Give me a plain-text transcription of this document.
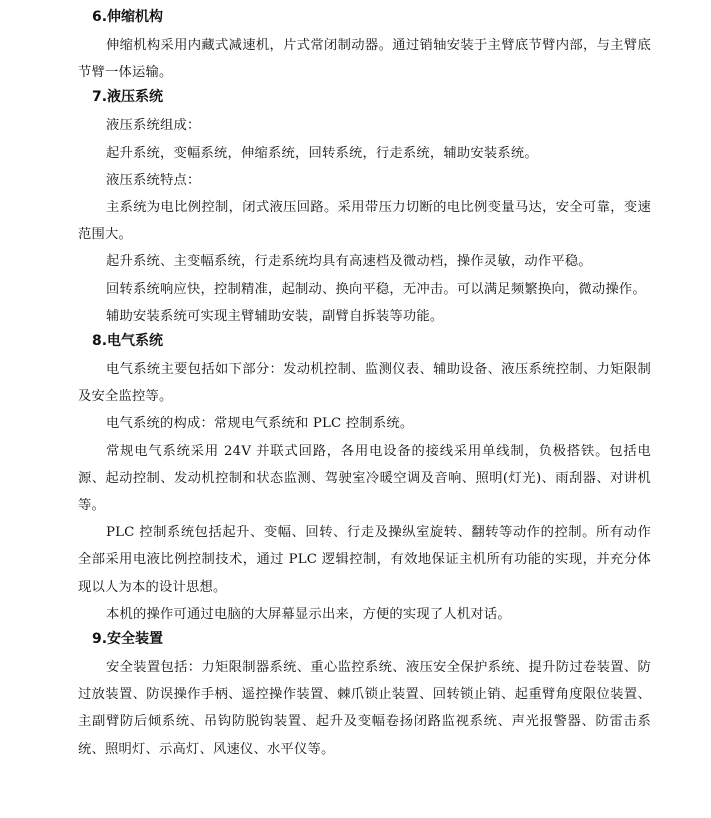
6.伸缩机构

伸缩机构采用内藏式减速机，片式常闭制动器。通过销轴安装于主臂底节臂内部，与主臂底节臂一体运输。

7.液压系统

液压系统组成：

起升系统，变幅系统，伸缩系统，回转系统，行走系统，辅助安装系统。

液压系统特点：

主系统为电比例控制，闭式液压回路。采用带压力切断的电比例变量马达，安全可靠，变速范围大。

起升系统、主变幅系统，行走系统均具有高速档及微动档，操作灵敏，动作平稳。

回转系统响应快，控制精准，起制动、换向平稳，无冲击。可以满足频繁换向，微动操作。

辅助安装系统可实现主臂辅助安装，副臂自拆装等功能。

8.电气系统

电气系统主要包括如下部分：发动机控制、监测仪表、辅助设备、液压系统控制、力矩限制及安全监控等。

电气系统的构成：常规电气系统和 PLC 控制系统。

常规电气系统采用 24V 并联式回路，各用电设备的接线采用单线制，负极搭铁。包括电源、起动控制、发动机控制和状态监测、驾驶室冷暖空调及音响、照明(灯光)、雨刮器、对讲机等。

PLC 控制系统包括起升、变幅、回转、行走及操纵室旋转、翻转等动作的控制。所有动作全部采用电液比例控制技术，通过 PLC 逻辑控制，有效地保证主机所有功能的实现，并充分体现以人为本的设计思想。

本机的操作可通过电脑的大屏幕显示出来，方便的实现了人机对话。

9.安全装置

安全装置包括：力矩限制器系统、重心监控系统、液压安全保护系统、提升防过卷装置、防过放装置、防误操作手柄、遥控操作装置、棘爪锁止装置、回转锁止销、起重臂角度限位装置、主副臂防后倾系统、吊钩防脱钩装置、起升及变幅卷扬闭路监视系统、声光报警器、防雷击系统、照明灯、示高灯、风速仪、水平仪等。
